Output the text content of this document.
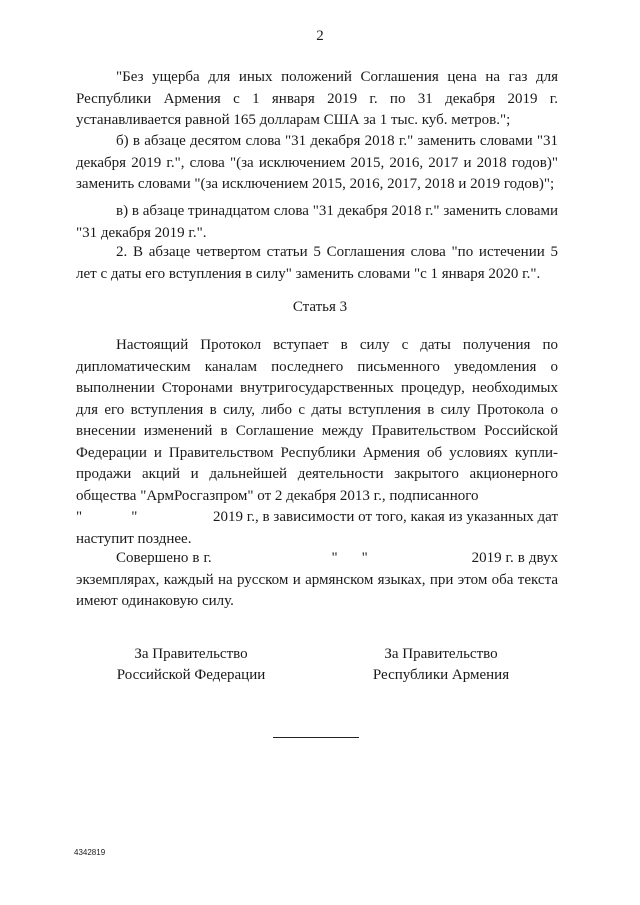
2

"Без ущерба для иных положений Соглашения цена на газ для Республики Армения с 1 января 2019 г. по 31 декабря 2019 г. устанавливается равной 165 долларам США за 1 тыс. куб. метров.";

б) в абзаце десятом слова "31 декабря 2018 г." заменить словами "31 декабря 2019 г.", слова "(за исключением 2015, 2016, 2017 и 2018 годов)" заменить словами "(за исключением 2015, 2016, 2017, 2018 и 2019 годов)";

в) в абзаце тринадцатом слова "31 декабря 2018 г." заменить словами "31 декабря 2019 г.".

2. В абзаце четвертом статьи 5 Соглашения слова "по истечении 5 лет с даты его вступления в силу" заменить словами "с 1 января 2020 г.".

Статья 3

Настоящий Протокол вступает в силу с даты получения по дипломатическим каналам последнего письменного уведомления о выполнении Сторонами внутригосударственных процедур, необходимых для его вступления в силу, либо с даты вступления в силу Протокола о внесении изменений в Соглашение между Правительством Российской Федерации и Правительством Республики Армения об условиях купли-продажи акций и дальнейшей деятельности закрытого акционерного общества "АрмРосгазпром" от 2 декабря 2013 г., подписанного
"	"	2019 г., в зависимости от того, какая из указанных дат наступит позднее.

Совершено в г.	" "	2019 г. в двух экземплярах, каждый на русском и армянском языках, при этом оба текста имеют одинаковую силу.

За Правительство
Российской Федерации
За Правительство
Республики Армения
4342819
